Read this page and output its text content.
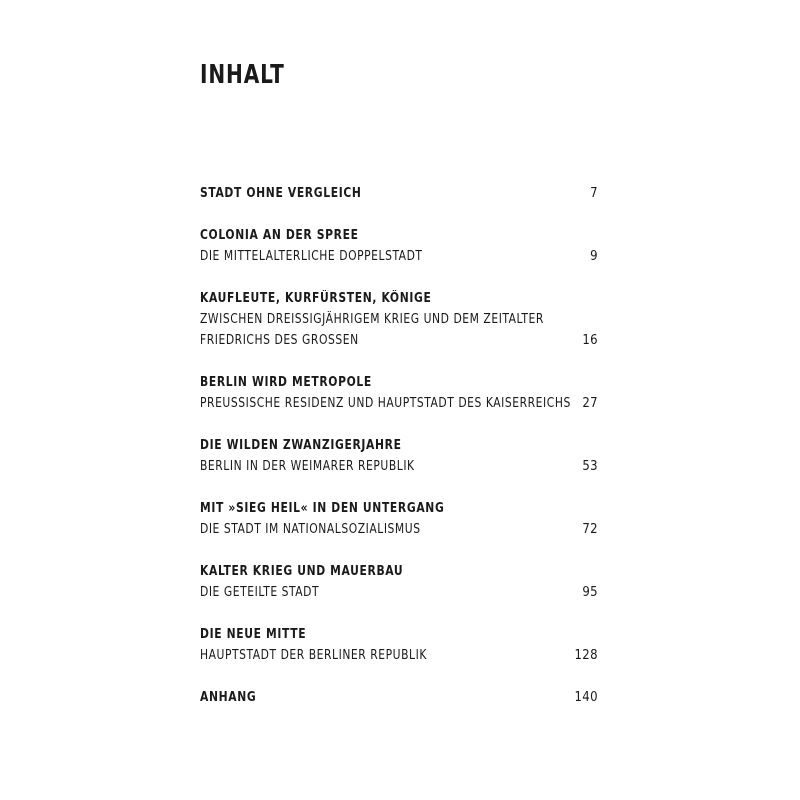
INHALT
STADT OHNE VERGLEICH	7
COLONIA AN DER SPREE
DIE MITTELALTERLICHE DOPPELSTADT	9
KAUFLEUTE, KURFÜRSTEN, KÖNIGE
ZWISCHEN DREISSIGJÄHRIGEM KRIEG UND DEM ZEITALTER
FRIEDRICHS DES GROSSEN	16
BERLIN WIRD METROPOLE
PREUSSISCHE RESIDENZ UND HAUPTSTADT DES KAISERREICHS 27
DIE WILDEN ZWANZIGERJAHRE
BERLIN IN DER WEIMARER REPUBLIK	53
MIT »SIEG HEIL« IN DEN UNTERGANG
DIE STADT IM NATIONALSOZIALISMUS	72
KALTER KRIEG UND MAUERBAU
DIE GETEILTE STADT	95
DIE NEUE MITTE
HAUPTSTADT DER BERLINER REPUBLIK	128
ANHANG	140
